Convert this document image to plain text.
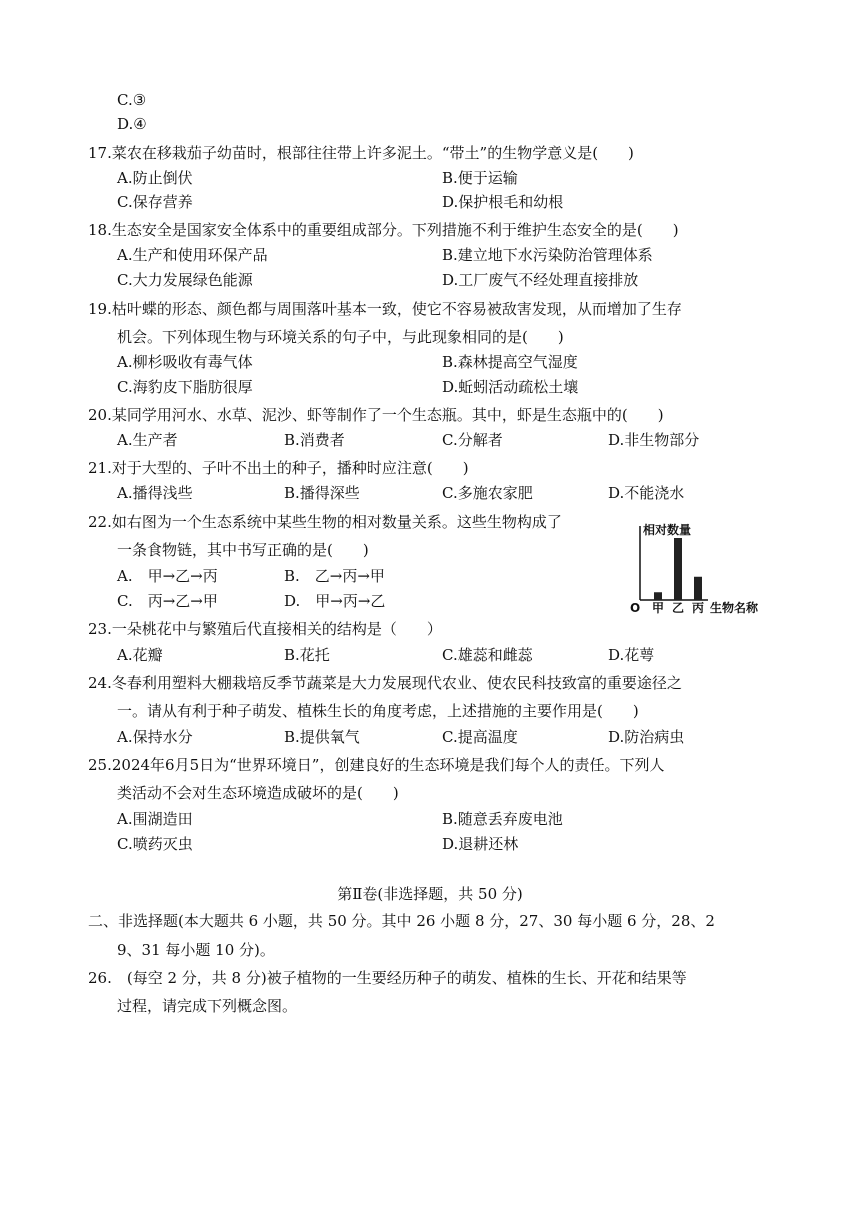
C.③
D.④
17.菜农在移栽茄子幼苗时，根部往往带上许多泥土。“带土”的生物学意义是(　　)
A.防止倒伏	B.便于运输
C.保存营养	D.保护根毛和幼根
18.生态安全是国家安全体系中的重要组成部分。下列措施不利于维护生态安全的是(　　)
A.生产和使用环保产品	B.建立地下水污染防治管理体系
C.大力发展绿色能源	D.工厂废气不经处理直接排放
19.枯叶蝶的形态、颜色都与周围落叶基本一致，使它不容易被敌害发现，从而增加了生存
机会。下列体现生物与环境关系的句子中，与此现象相同的是(　　)
A.柳杉吸收有毒气体	B.森林提高空气湿度
C.海豹皮下脂肪很厚	D.蚯蚓活动疏松土壤
20.某同学用河水、水草、泥沙、虾等制作了一个生态瓶。其中，虾是生态瓶中的(　　)
A.生产者	B.消费者	C.分解者	D.非生物部分
21.对于大型的、子叶不出土的种子，播种时应注意(　　)
A.播得浅些	B.播得深些	C.多施农家肥	D.不能浇水
22.如右图为一个生态系统中某些生物的相对数量关系。这些生物构成了
一条食物链，其中书写正确的是(　　)
A.　甲→乙→丙	B.　乙→丙→甲
C.　丙→乙→甲	D.　甲→丙→乙
相对数量
O	生物名称
甲 乙 丙
23.一朵桃花中与繁殖后代直接相关的结构是（　　）
A.花瓣	B.花托	C.雄蕊和雌蕊	D.花萼
24.冬春利用塑料大棚栽培反季节蔬菜是大力发展现代农业、使农民科技致富的重要途径之
一。请从有利于种子萌发、植株生长的角度考虑，上述措施的主要作用是(　　)
A.保持水分	B.提供氧气	C.提高温度	D.防治病虫
25.2024年6月5日为“世界环境日”，创建良好的生态环境是我们每个人的责任。下列人
类活动不会对生态环境造成破坏的是(　　)
A.围湖造田	B.随意丢弃废电池
C.喷药灭虫	D.退耕还林
第Ⅱ卷(非选择题，共 50 分)
二、非选择题(本大题共 6 小题，共 50 分。其中 26 小题 8 分，27、30 每小题 6 分，28、2
9、31 每小题 10 分)。
26.　(每空 2 分，共 8 分)被子植物的一生要经历种子的萌发、植株的生长、开花和结果等
过程，请完成下列概念图。
